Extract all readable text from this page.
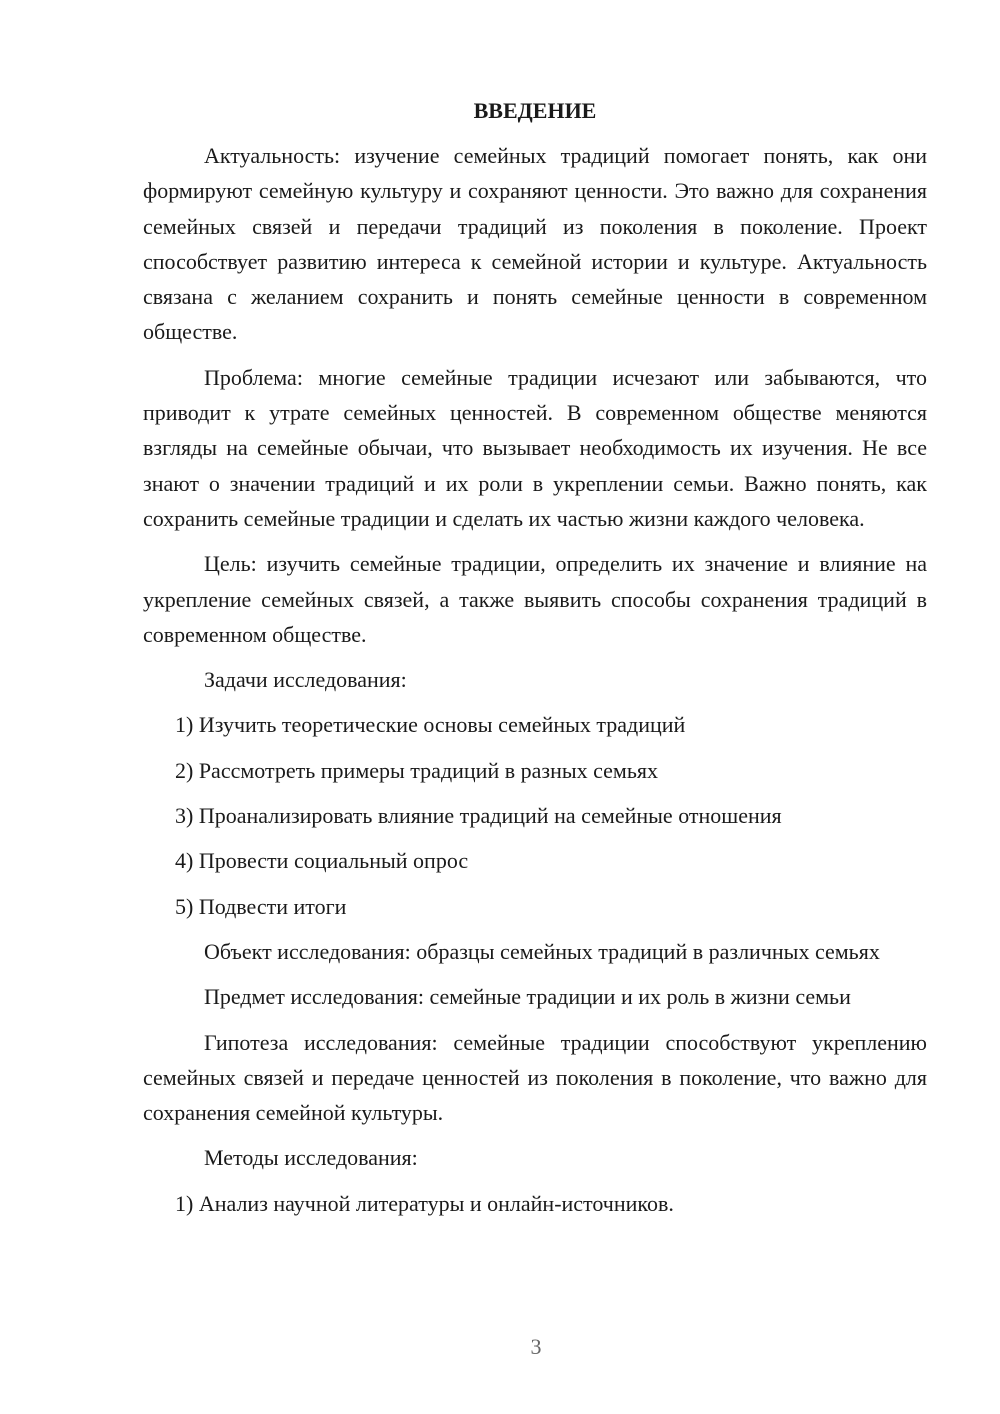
ВВЕДЕНИЕ

Актуальность: изучение семейных традиций помогает понять, как они формируют семейную культуру и сохраняют ценности. Это важно для сохранения семейных связей и передачи традиций из поколения в поколение. Проект способствует развитию интереса к семейной истории и культуре. Актуальность связана с желанием сохранить и понять семейные ценности в современном обществе.

Проблема: многие семейные традиции исчезают или забываются, что приводит к утрате семейных ценностей. В современном обществе меняются взгляды на семейные обычаи, что вызывает необходимость их изучения. Не все знают о значении традиций и их роли в укреплении семьи. Важно понять, как сохранить семейные традиции и сделать их частью жизни каждого человека.

Цель: изучить семейные традиции, определить их значение и влияние на укрепление семейных связей, а также выявить способы сохранения традиций в современном обществе.

Задачи исследования:

1) Изучить теоретические основы семейных традиций

2) Рассмотреть примеры традиций в разных семьях

3) Проанализировать влияние традиций на семейные отношения

4) Провести социальный опрос

5) Подвести итоги

Объект исследования: образцы семейных традиций в различных семьях

Предмет исследования: семейные традиции и их роль в жизни семьи

Гипотеза исследования: семейные традиции способствуют укреплению семейных связей и передаче ценностей из поколения в поколение, что важно для сохранения семейной культуры.

Методы исследования:

1) Анализ научной литературы и онлайн-источников.

3
